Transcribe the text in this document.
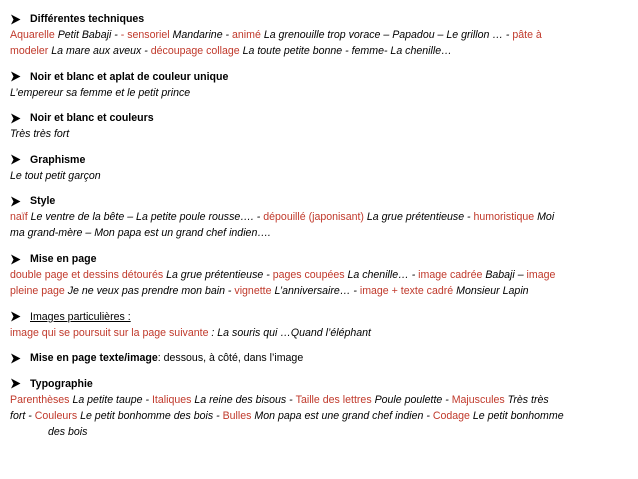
Différentes techniques
Aquarelle Petit Babaji - - sensoriel Mandarine - animé La grenouille trop vorace – Papadou – Le grillon … - pâte à
modeler La mare aux aveux - découpage collage La toute petite bonne - femme- La chenille…
Noir et blanc et aplat de couleur unique
L’empereur sa femme et le petit prince
Noir et blanc et couleurs
Très très fort
Graphisme
Le tout petit garçon
Style
naïf Le ventre de la bête – La petite poule rousse…. - dépouillé (japonisant) La grue prétentieuse - humoristique Moi
ma grand-mère – Mon papa est un grand chef indien….
Mise en page
double page et dessins détourés La grue prétentieuse - pages coupées La chenille… - image cadrée Babaji – image
pleine page Je ne veux pas prendre mon bain - vignette L’anniversaire… - image + texte cadré Monsieur Lapin
Images particulières :
image qui se poursuit sur la page suivante : La souris qui …Quand l’éléphant
Mise en page texte/image : dessous, à côté, dans l’image
Typographie
Parenthèses La petite taupe - Italiques La reine des bisous - Taille des lettres Poule poulette - Majuscules Très très
fort - Couleurs Le petit bonhomme des bois - Bulles Mon papa est une grand chef indien - Codage Le petit bonhomme
des bois
